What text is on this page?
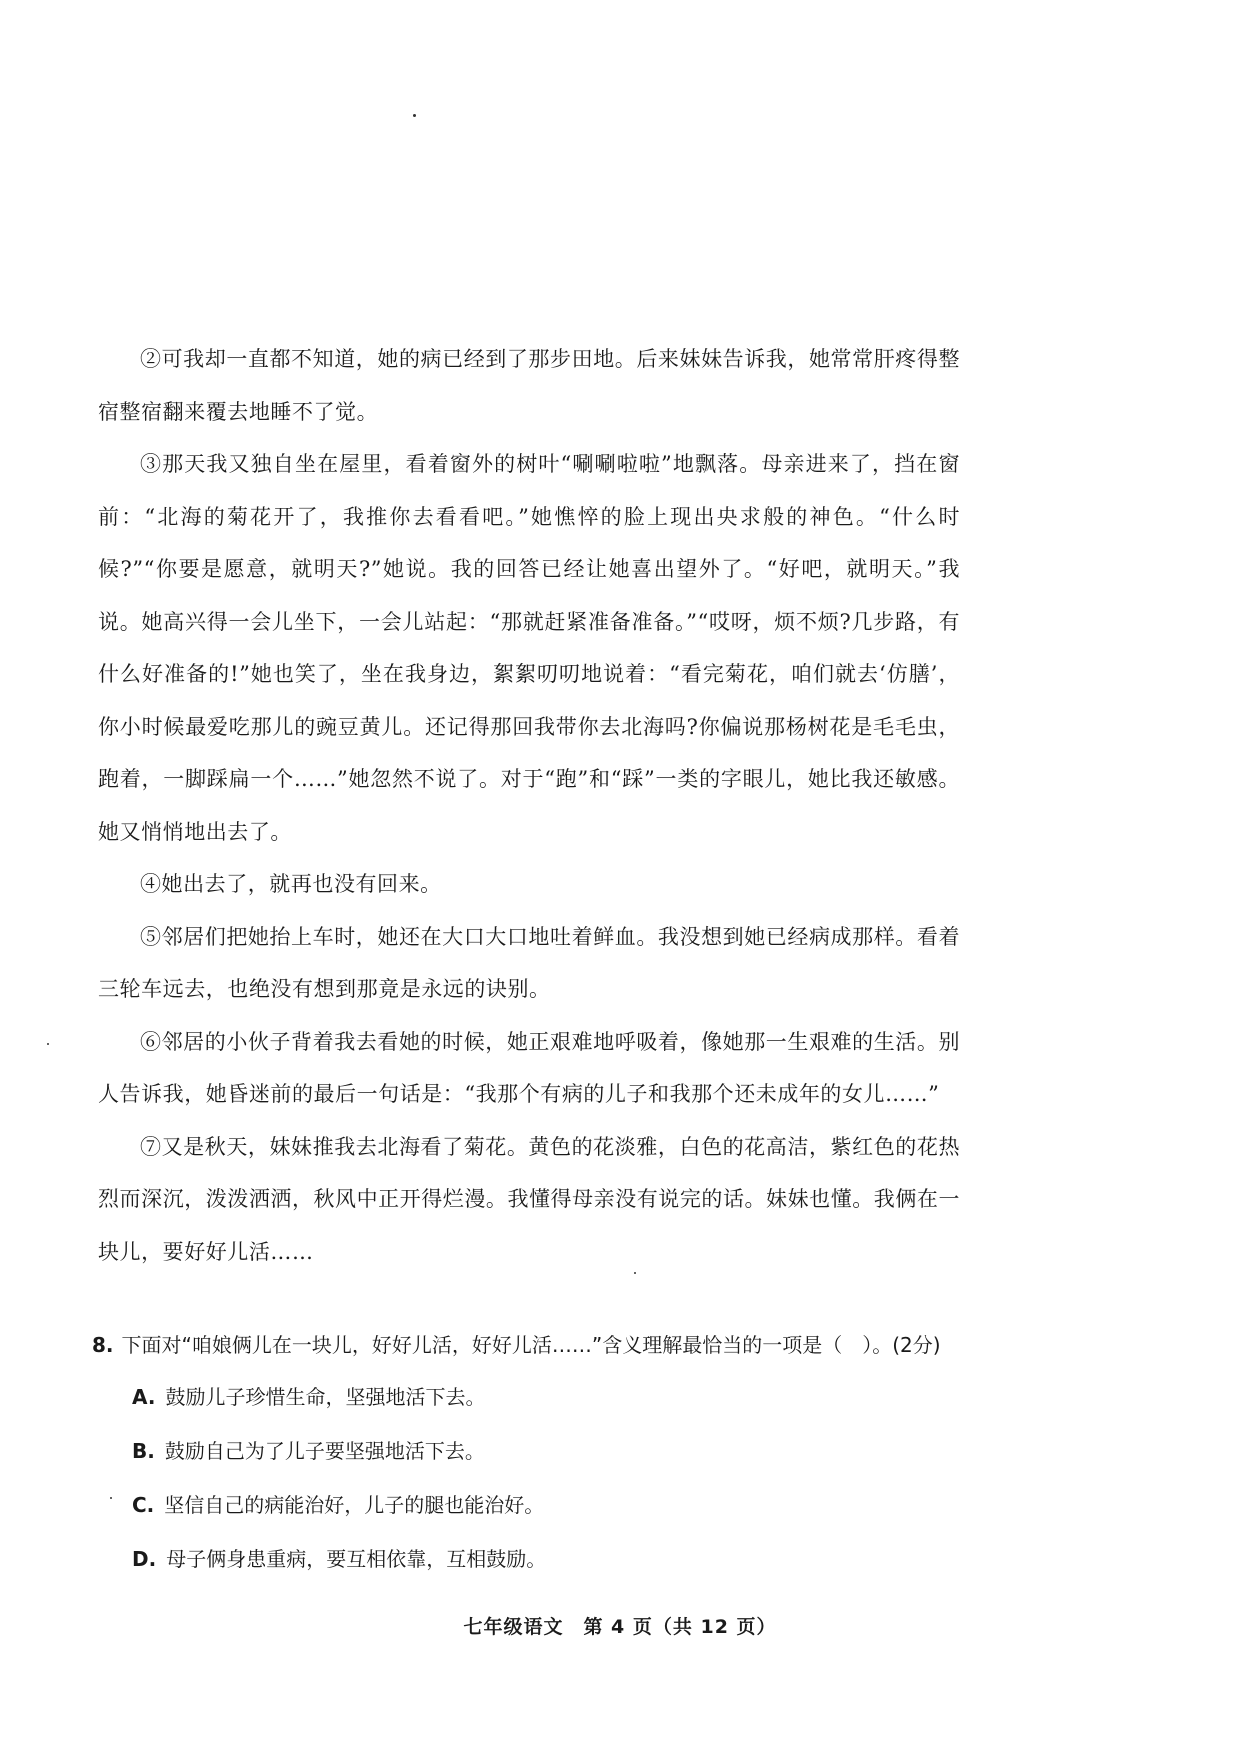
②可我却一直都不知道，她的病已经到了那步田地。后来妹妹告诉我，她常常肝疼得整宿整宿翻来覆去地睡不了觉。

③那天我又独自坐在屋里，看着窗外的树叶“唰唰啦啦”地飘落。母亲进来了，挡在窗前：“北海的菊花开了，我推你去看看吧。”她憔悴的脸上现出央求般的神色。“什么时候?”“你要是愿意，就明天?”她说。我的回答已经让她喜出望外了。“好吧，就明天。”我说。她高兴得一会儿坐下，一会儿站起：“那就赶紧准备准备。”“哎呀，烦不烦?几步路，有什么好准备的!”她也笑了，坐在我身边，絮絮叨叨地说着：“看完菊花，咱们就去‘仿膳’，你小时候最爱吃那儿的豌豆黄儿。还记得那回我带你去北海吗?你偏说那杨树花是毛毛虫，跑着，一脚踩扁一个……”她忽然不说了。对于“跑”和“踩”一类的字眼儿，她比我还敏感。她又悄悄地出去了。

④她出去了，就再也没有回来。

⑤邻居们把她抬上车时，她还在大口大口地吐着鲜血。我没想到她已经病成那样。看着三轮车远去，也绝没有想到那竟是永远的诀别。

⑥邻居的小伙子背着我去看她的时候，她正艰难地呼吸着，像她那一生艰难的生活。别人告诉我，她昏迷前的最后一句话是：“我那个有病的儿子和我那个还未成年的女儿……”

⑦又是秋天，妹妹推我去北海看了菊花。黄色的花淡雅，白色的花高洁，紫红色的花热烈而深沉，泼泼洒洒，秋风中正开得烂漫。我懂得母亲没有说完的话。妹妹也懂。我俩在一块儿，要好好儿活……

8. 下面对“咱娘俩儿在一块儿，好好儿活，好好儿活……”含义理解最恰当的一项是（　）。(2分)

A. 鼓励儿子珍惜生命，坚强地活下去。
B. 鼓励自己为了儿子要坚强地活下去。
C. 坚信自己的病能治好，儿子的腿也能治好。
D. 母子俩身患重病，要互相依靠，互相鼓励。
七年级语文　第 4 页（共 12 页）
